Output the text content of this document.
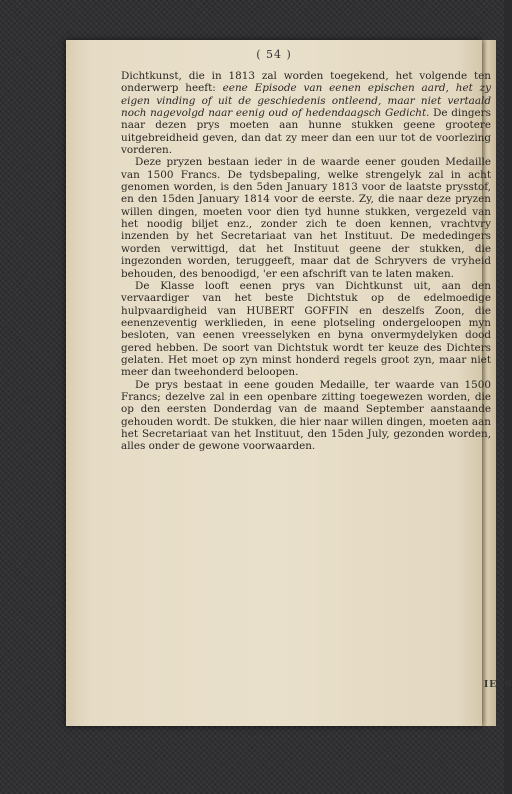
( 54 )

Dichtkunst, die in 1813 zal worden toegekend, het volgende ten onderwerp heeft: eene Episode van eenen epischen aard, het zy eigen vinding of uit de geschiedenis ontleend, maar niet vertaald noch nagevolgd naar eenig oud of hedendaagsch Gedicht. De dingers naar dezen prys moeten aan hunne stukken geene grootere uitgebreidheid geven, dan dat zy meer dan een uur tot de voorlezing vorderen.

Deze pryzen bestaan ieder in de waarde eener gouden Medaille van 1500 Francs. De tydsbepaling, welke strengelyk zal in acht genomen worden, is den 5den January 1813 voor de laatste prysstof, en den 15den January 1814 voor de eerste. Zy, die naar deze pryzen willen dingen, moeten voor dien tyd hunne stukken, vergezeld van het noodig biljet enz., zonder zich te doen kennen, vrachtvry inzenden by het Secretariaat van het Instituut. De mededingers worden verwittigd, dat het Instituut geene der stukken, die ingezonden worden, teruggeeft, maar dat de Schryvers de vryheid behouden, des benoodigd, 'er een afschrift van te laten maken.

De Klasse looft eenen prys van Dichtkunst uit, aan den vervaardiger van het beste Dichtstuk op de edelmoedige hulpvaardigheid van HUBERT GOFFIN en deszelfs Zoon, die eenenzeventig werklieden, in eene plotseling ondergeloopen myn besloten, van eenen vreesselyken en byna onvermydelyken dood gered hebben. De soort van Dichtstuk wordt ter keuze des Dichters gelaten. Het moet op zyn minst honderd regels groot zyn, maar niet meer dan tweehonderd beloopen.

De prys bestaat in eene gouden Medaille, ter waarde van 1500 Francs; dezelve zal in een openbare zitting toegewezen worden, die op den eersten Donderdag van de maand September aanstaande gehouden wordt. De stukken, die hier naar willen dingen, moeten aan het Secretariaat van het Instituut, den 15den July, gezonden worden, alles onder de gewone voorwaarden.

IETS
